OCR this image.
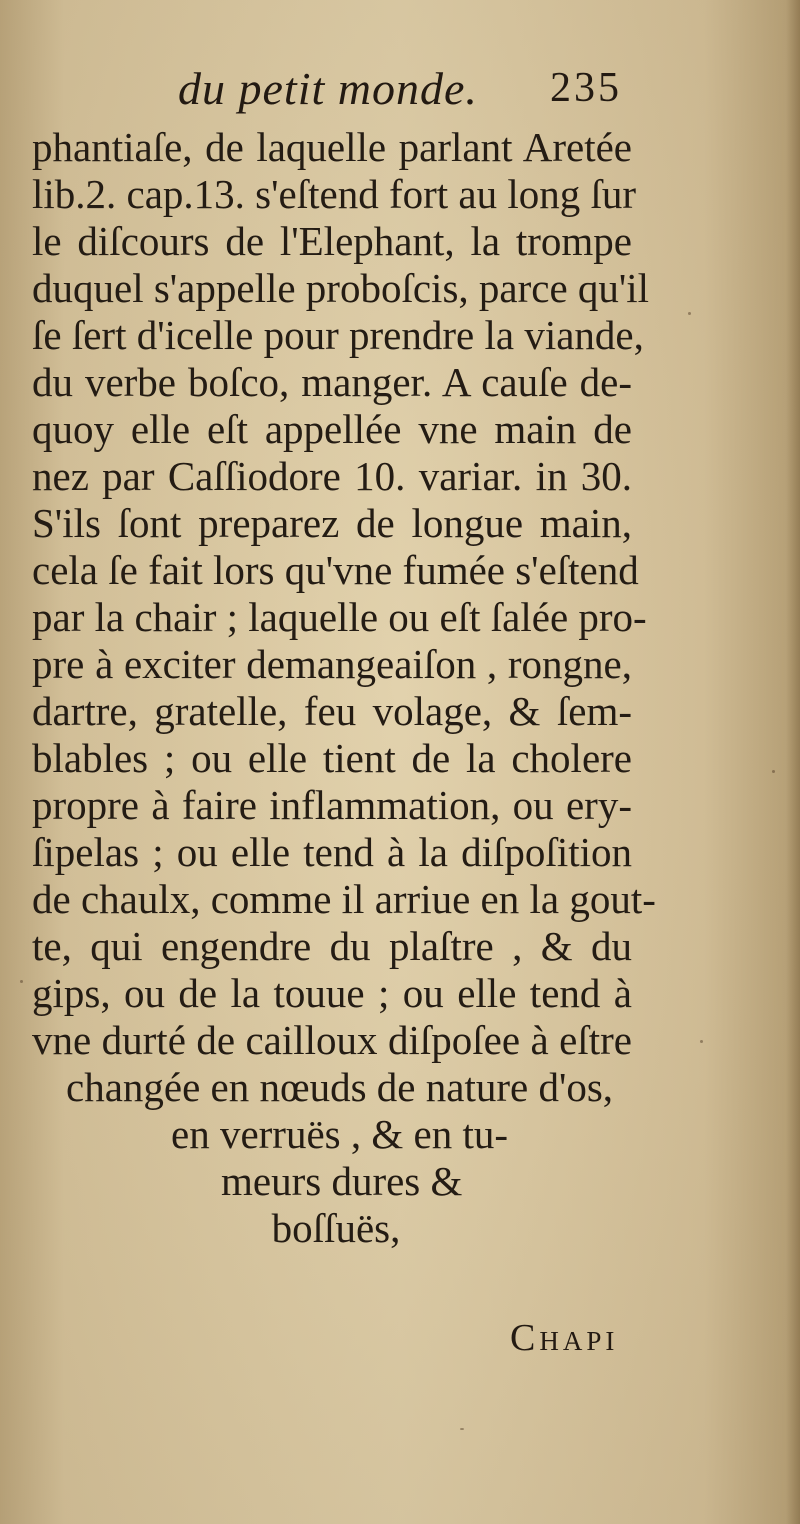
du petit monde. 235
phantiaſe, de laquelle parlant Aretée
lib.2. cap.13. s'eſtend fort au long ſur
le diſcours de l'Elephant, la trompe
duquel s'appelle proboſcis, parce qu'il
ſe ſert d'icelle pour prendre la viande,
du verbe boſco, manger. A cauſe de-
quoy elle eſt appellée vne main de
nez par Caſſiodore 10. variar. in 30.
S'ils ſont preparez de longue main,
cela ſe fait lors qu'vne fumée s'eſtend
par la chair ; laquelle ou eſt ſalée pro-
pre à exciter demangeaiſon , rongne,
dartre, gratelle, feu volage, & ſem-
blables ; ou elle tient de la cholere
propre à faire inflammation, ou ery-
ſipelas ; ou elle tend à la diſpoſition
de chaulx, comme il arriue en la gout-
te, qui engendre du plaſtre , & du
gips, ou de la touue ; ou elle tend à
vne durté de cailloux diſpoſee à eſtre
changée en nœuds de nature d'os,
en verruës , & en tu-
meurs dures &
boſſuës,
Chapi
